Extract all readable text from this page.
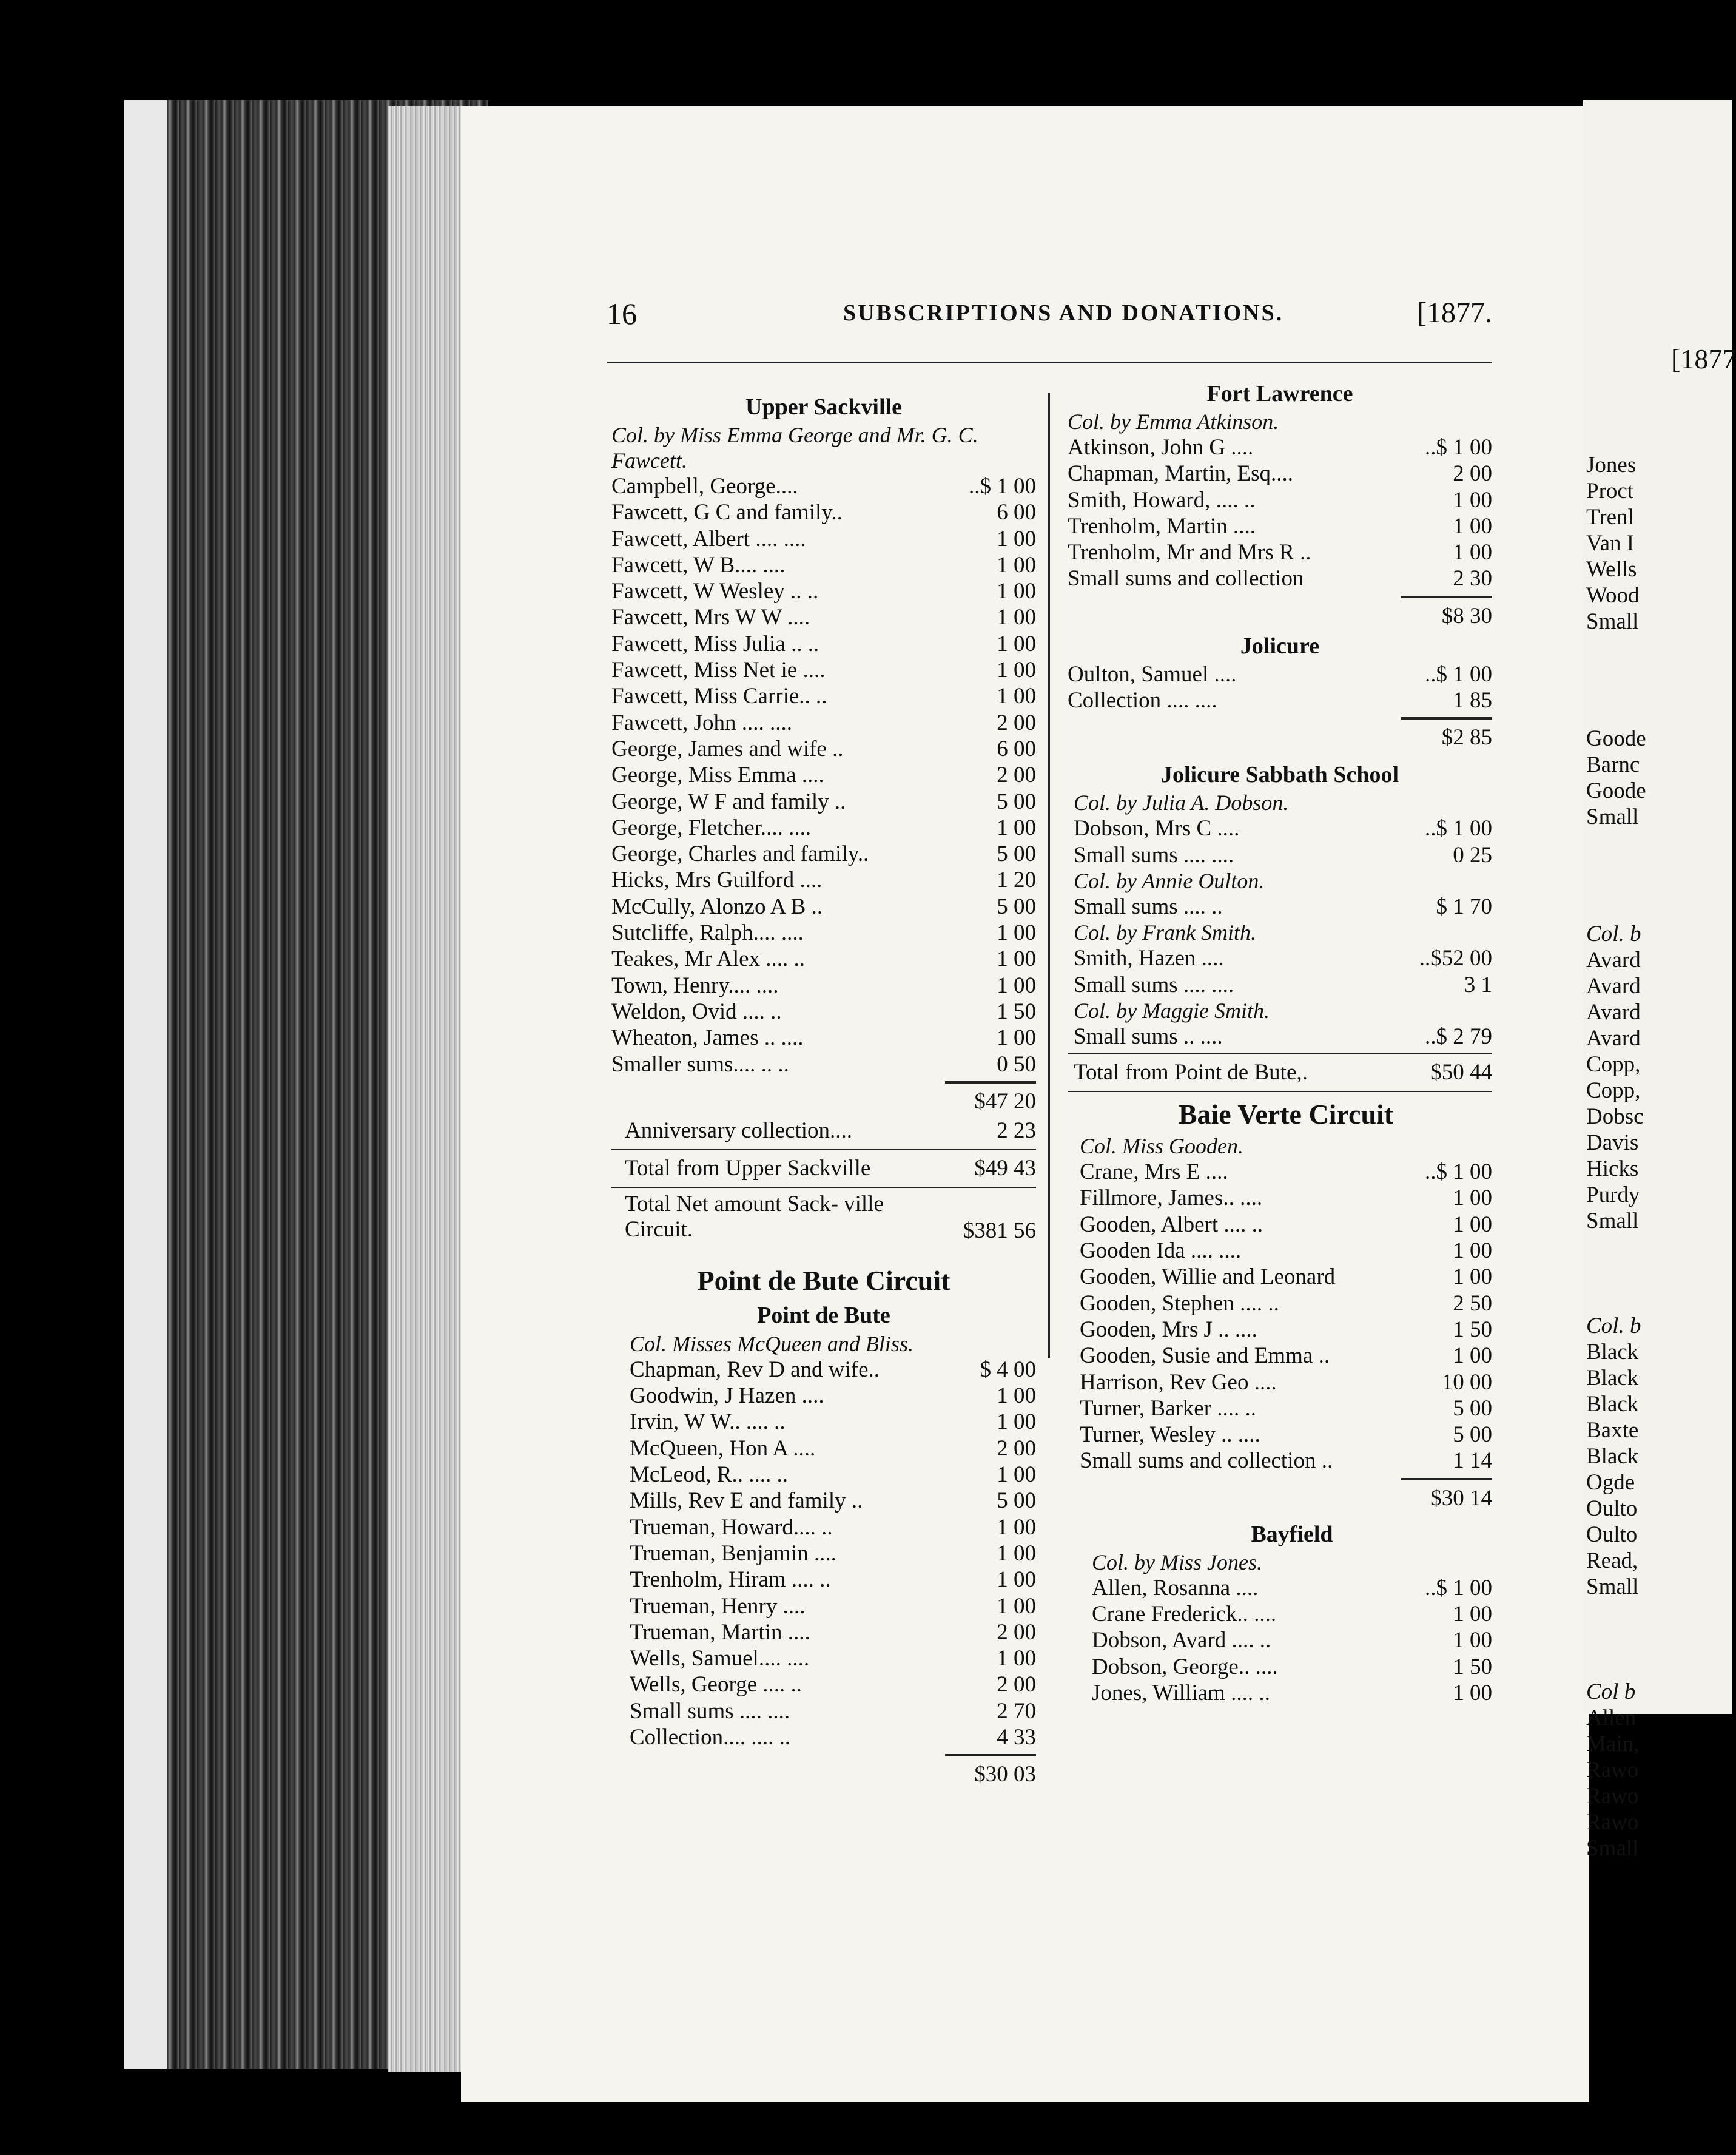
[1877
Jones
Proct
Trenl
Van I
Wells
Wood
Small
Goode
Barnc
Goode
Small
Col. b
Avard
Avard
Avard
Avard
Copp,
Copp,
Dobsc
Davis
Hicks
Purdy
Small
Col. b
Black
Black
Black
Baxte
Black
Ogde
Oulto
Oulto
Read,
Small
Col b
Allen
Main,
Rawo
Rawo
Rawo
Small
16	SUBSCRIPTIONS AND DONATIONS.	[1877.
Upper Sackville
Col. by Miss Emma George and Mr. G. C. Fawcett.
Campbell, George....	..$ 1 00
Fawcett, G C and family..	6 00
Fawcett, Albert .... ....	1 00
Fawcett, W B.... ....	1 00
Fawcett, W Wesley .. ..	1 00
Fawcett, Mrs W W ....	1 00
Fawcett, Miss Julia .. ..	1 00
Fawcett, Miss Net ie ....	1 00
Fawcett, Miss Carrie.. ..	1 00
Fawcett, John .... ....	2 00
George, James and wife ..	6 00
George, Miss Emma ....	2 00
George, W F and family ..	5 00
George, Fletcher.... ....	1 00
George, Charles and family..	5 00
Hicks, Mrs Guilford ....	1 20
McCully, Alonzo A B ..	5 00
Sutcliffe, Ralph.... ....	1 00
Teakes, Mr Alex .... ..	1 00
Town, Henry.... ....	1 00
Weldon, Ovid .... ..	1 50
Wheaton, James .. ....	1 00
Smaller sums.... .. ..	0 50
$47 20
Anniversary collection....	2 23
Total from Upper Sackville	$49 43
Total Net amount Sack- ville Circuit.	$381 56
Point de Bute Circuit
Point de Bute
Col. Misses McQueen and Bliss.
Chapman, Rev D and wife..	$ 4 00
Goodwin, J Hazen ....	1 00
Irvin, W W.. .... ..	1 00
McQueen, Hon A ....	2 00
McLeod, R.. .... ..	1 00
Mills, Rev E and family ..	5 00
Trueman, Howard.... ..	1 00
Trueman, Benjamin ....	1 00
Trenholm, Hiram .... ..	1 00
Trueman, Henry ....	1 00
Trueman, Martin ....	2 00
Wells, Samuel.... ....	1 00
Wells, George .... ..	2 00
Small sums .... ....	2 70
Collection.... .... ..	4 33
$30 03
Fort Lawrence
Col. by Emma Atkinson.
Atkinson, John G ....	..$ 1 00
Chapman, Martin, Esq....	2 00
Smith, Howard, .... ..	1 00
Trenholm, Martin ....	1 00
Trenholm, Mr and Mrs R ..	1 00
Small sums and collection	2 30
$8 30
Jolicure
Oulton, Samuel ....	..$ 1 00
Collection .... ....	1 85
$2 85
Jolicure Sabbath School
Col. by Julia A. Dobson.
Dobson, Mrs C ....	..$ 1 00
Small sums .... ....	0 25
Col. by Annie Oulton.
Small sums .... ..	$ 1 70
Col. by Frank Smith.
Smith, Hazen ....	..$52 00
Small sums .... ....	3 1
Col. by Maggie Smith.
Small sums .. ....	..$ 2 79
Total from Point de Bute,.	$50 44
Baie Verte Circuit
Col. Miss Gooden.
Crane, Mrs E ....	..$ 1 00
Fillmore, James.. ....	1 00
Gooden, Albert .... ..	1 00
Gooden Ida .... ....	1 00
Gooden, Willie and Leonard	1 00
Gooden, Stephen .... ..	2 50
Gooden, Mrs J .. ....	1 50
Gooden, Susie and Emma ..	1 00
Harrison, Rev Geo ....	10 00
Turner, Barker .... ..	5 00
Turner, Wesley .. ....	5 00
Small sums and collection ..	1 14
$30 14
Bayfield
Col. by Miss Jones.
Allen, Rosanna ....	..$ 1 00
Crane Frederick.. ....	1 00
Dobson, Avard .... ..	1 00
Dobson, George.. ....	1 50
Jones, William .... ..	1 00
